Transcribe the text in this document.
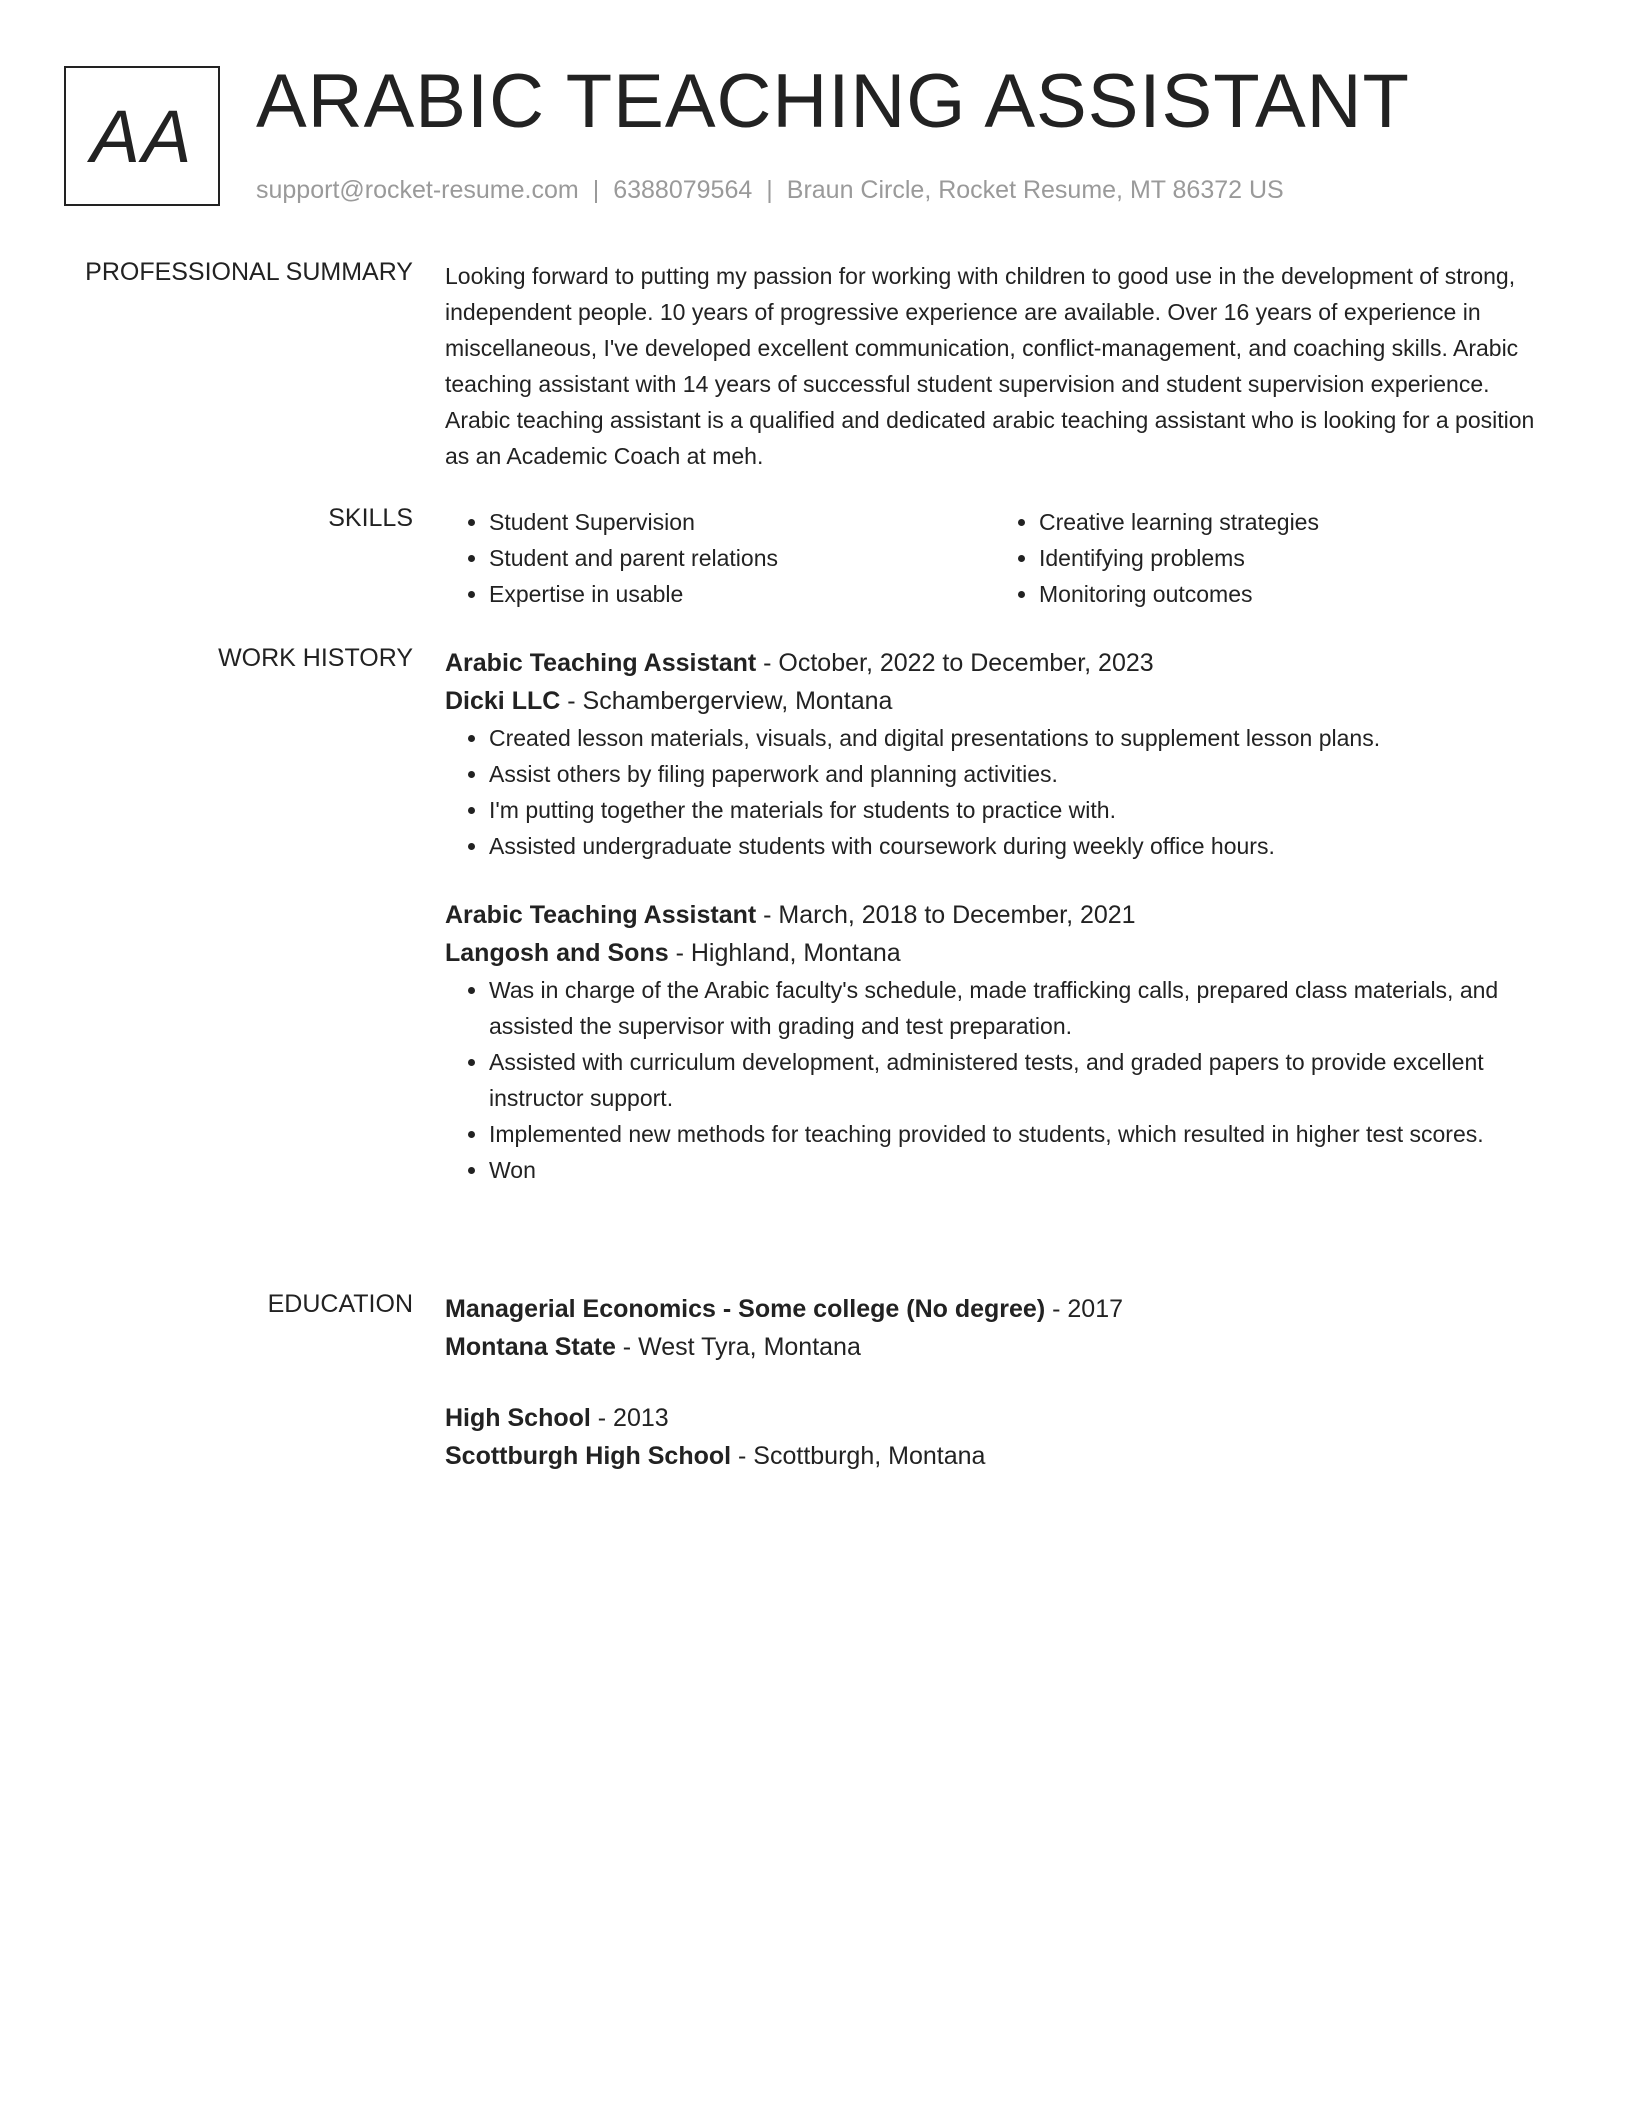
AA ARABIC TEACHING ASSISTANT
support@rocket-resume.com | 6388079564 | Braun Circle, Rocket Resume, MT 86372 US
PROFESSIONAL SUMMARY Looking forward to putting my passion for working with children to good use in the development of strong, independent people. 10 years of progressive experience are available. Over 16 years of experience in miscellaneous, I've developed excellent communication, conflict-management, and coaching skills. Arabic teaching assistant with 14 years of successful student supervision and student supervision experience. Arabic teaching assistant is a qualified and dedicated arabic teaching assistant who is looking for a position as an Academic Coach at meh.

SKILLS
•	Student Supervision
• Student and parent relations
• Expertise in usable
• Creative learning strategies
• Identifying problems
• Monitoring outcomes
WORK HISTORY Arabic Teaching Assistant - October, 2022 to December, 2023
Dicki LLC - Schambergerview, Montana
• Created lesson materials, visuals, and digital presentations to supplement lesson plans.
• Assist others by filing paperwork and planning activities.
• I'm putting together the materials for students to practice with.
• Assisted undergraduate students with coursework during weekly office hours.
Arabic Teaching Assistant - March, 2018 to December, 2021
Langosh and Sons - Highland, Montana
• Was in charge of the Arabic faculty's schedule, made trafficking calls, prepared class materials, and assisted the supervisor with grading and test preparation.
• Assisted with curriculum development, administered tests, and graded papers to provide excellent instructor support.
• Implemented new methods for teaching provided to students, which resulted in higher test scores.
• Won
EDUCATION Managerial Economics - Some college (No degree) - 2017
Montana State - West Tyra, Montana
High School - 2013
Scottburgh High School - Scottburgh, Montana
